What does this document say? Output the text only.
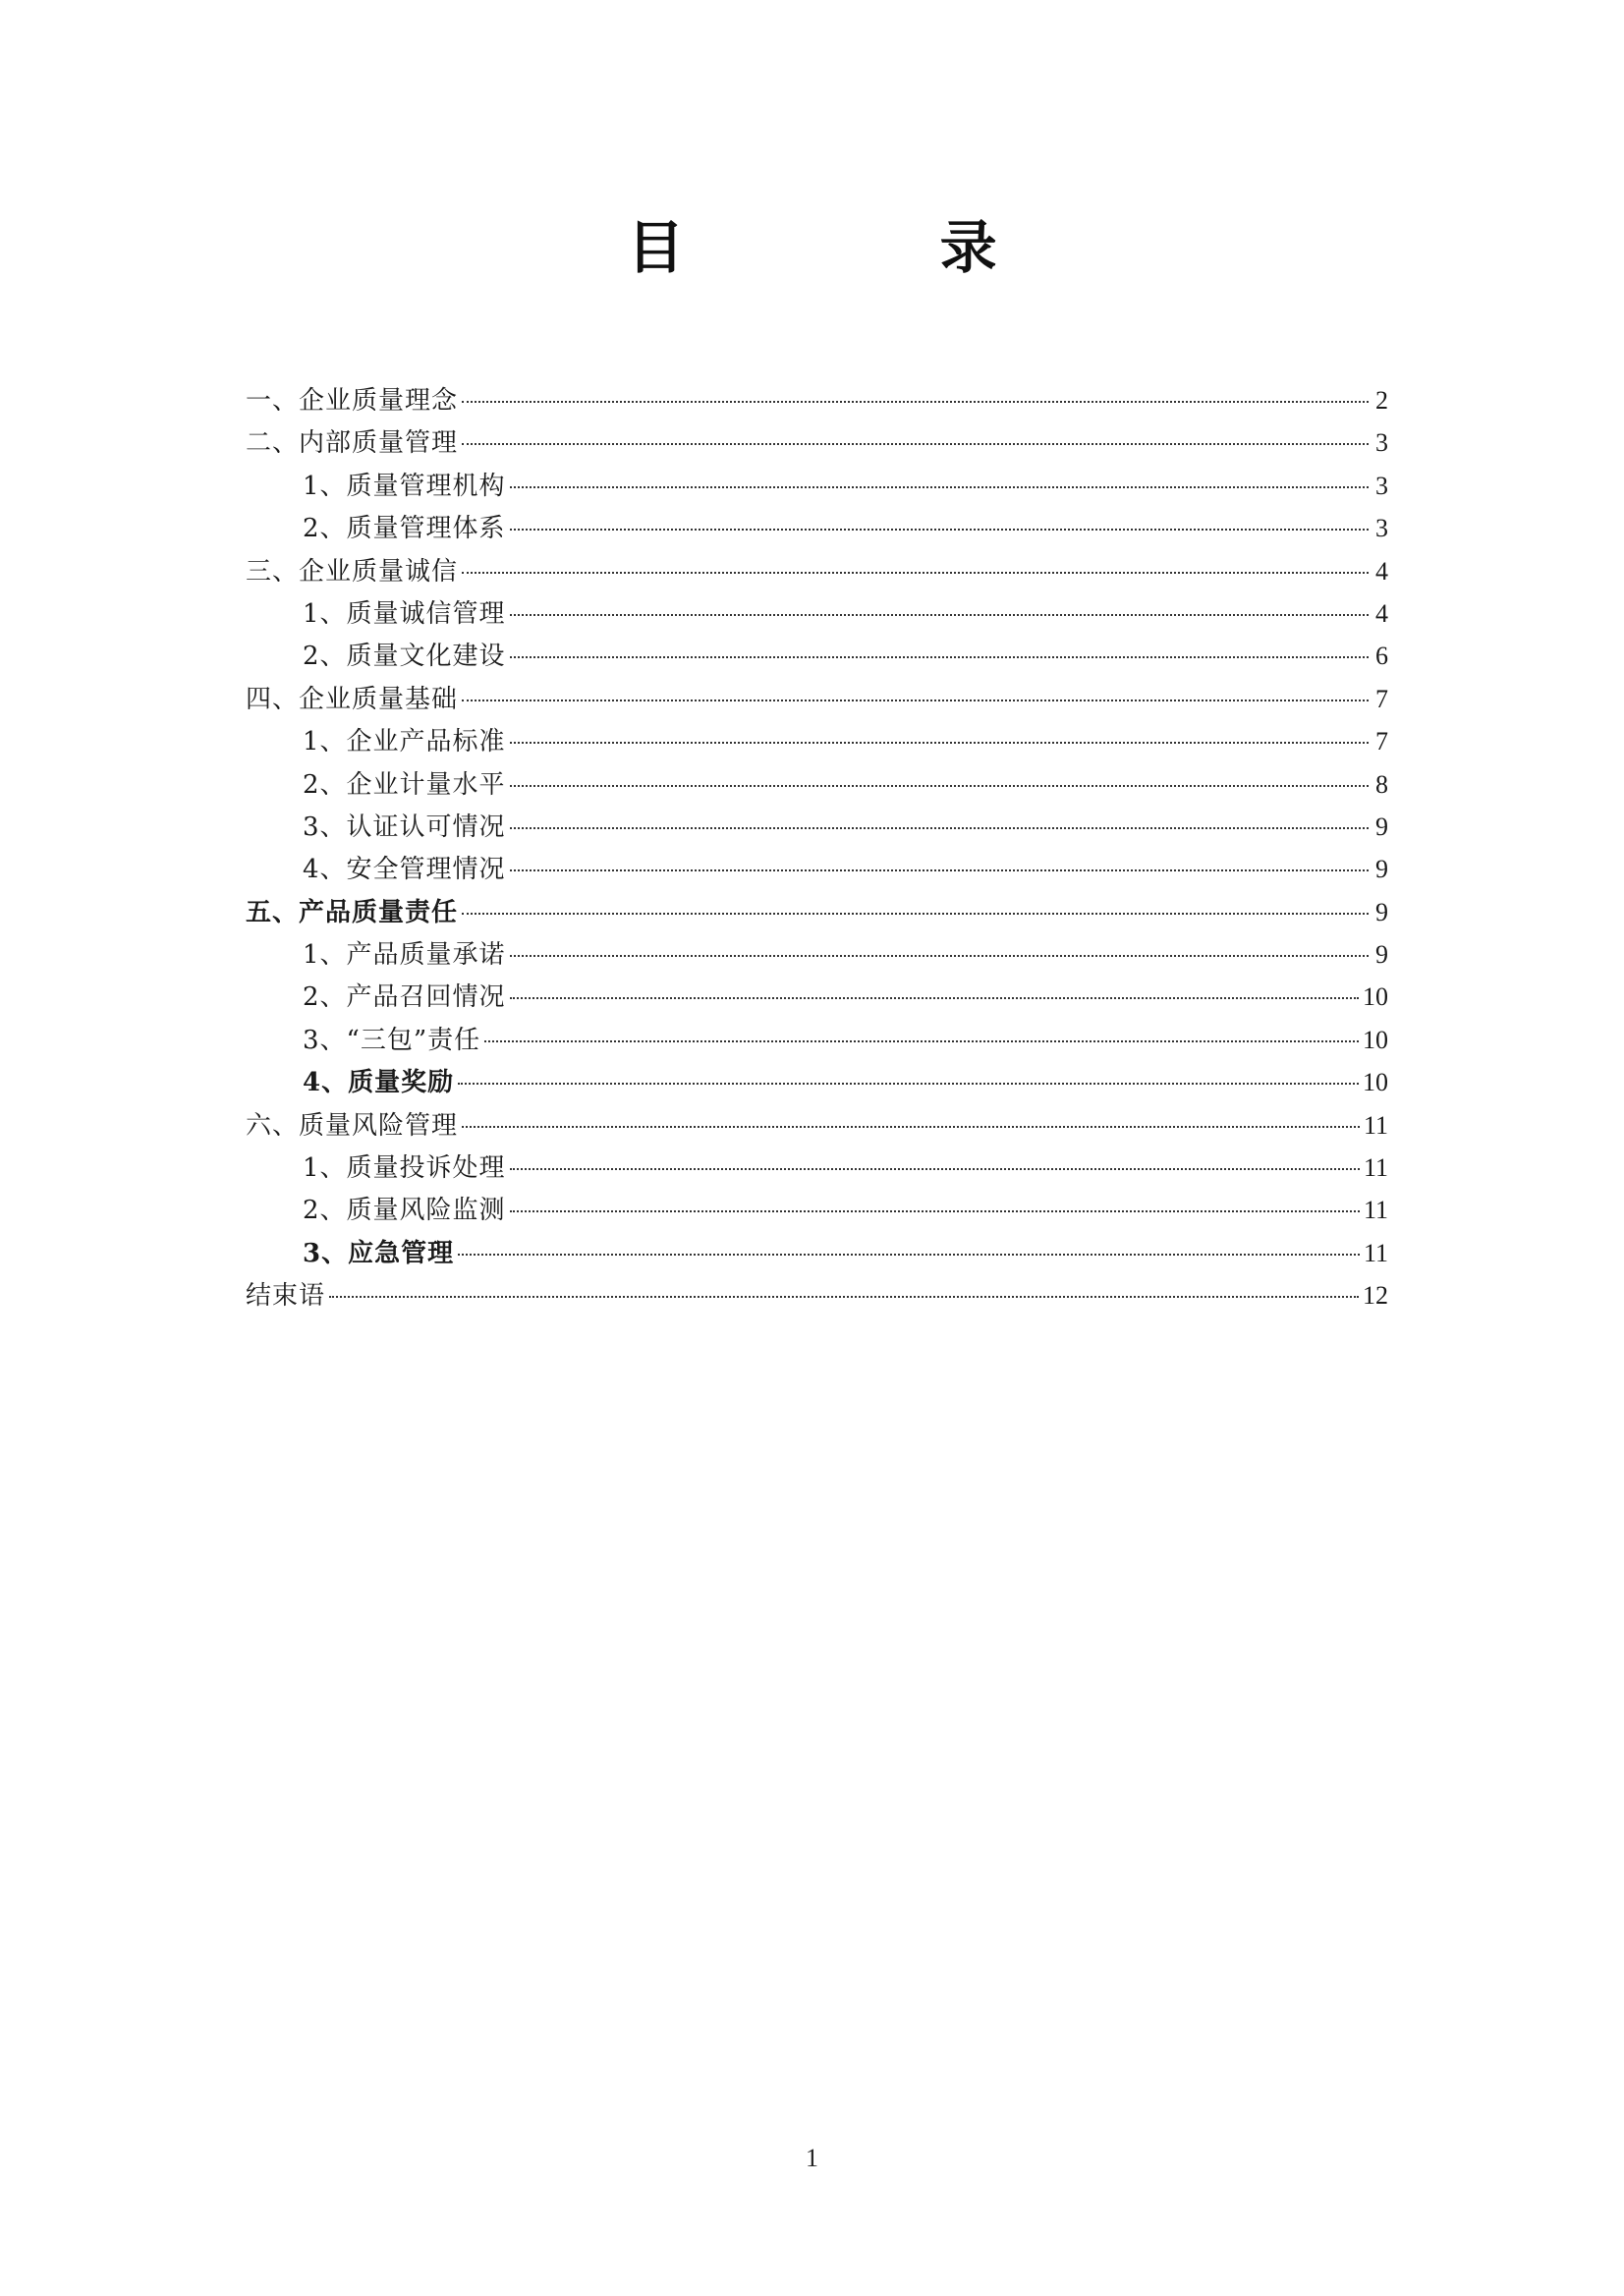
目 录
一、企业质量理念	2
二、内部质量管理	3
1、质量管理机构	3
2、质量管理体系	3
三、企业质量诚信	4
1、质量诚信管理	4
2、质量文化建设	6
四、企业质量基础	7
1、企业产品标准	7
2、企业计量水平	8
3、认证认可情况	9
4、安全管理情况	9
五、产品质量责任	9
1、产品质量承诺	9
2、产品召回情况	10
3、“三包”责任	10
4、质量奖励	10
六、质量风险管理	11
1、质量投诉处理	11
2、质量风险监测	11
3、应急管理	11
结束语	12
1
